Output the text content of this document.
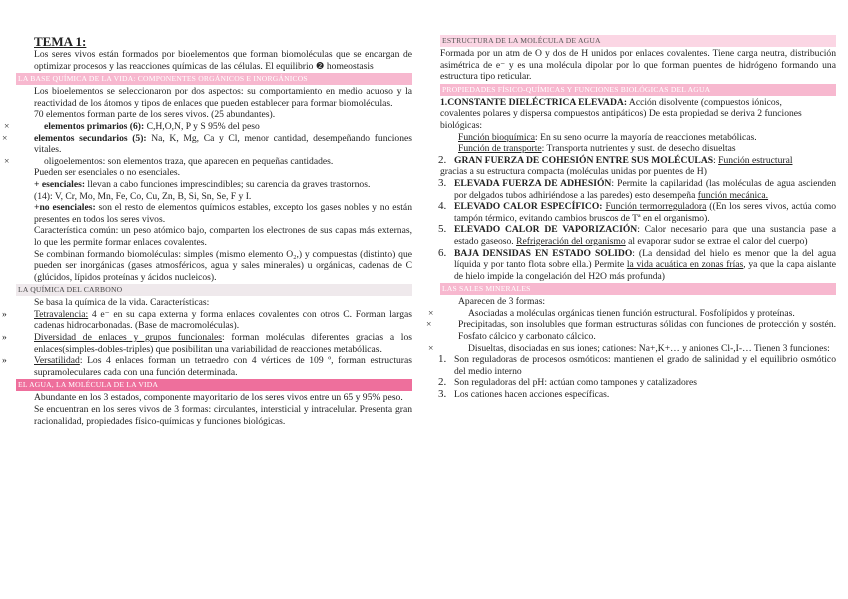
TEMA 1:

Los seres vivos están formados por bioelementos que forman biomoléculas que se encargan de optimizar procesos y las reacciones químicas de las células. El equilibrio ❷ homeostasis

LA BASE QUÍMICA DE LA VIDA: COMPONENTES ORGÁNICOS E INORGÁNICOS

Los bioelementos se seleccionaron por dos aspectos: su comportamiento en medio acuoso y la reactividad de los átomos y tipos de enlaces que pueden establecer para formar biomoléculas.

70 elementos forman parte de los seres vivos. (25 abundantes).

×	elementos primarios (6): C,H,O,N, P y S 95% del peso

×	elementos secundarios (5): Na, K, Mg, Ca y Cl, menor cantidad, desempeñando funciones vitales.

×	oligoelementos: son elementos traza, que aparecen en pequeñas cantidades.

Pueden ser esenciales o no esenciales.

+ esenciales: llevan a cabo funciones imprescindibles; su carencia da graves trastornos.

(14): V, Cr, Mo, Mn, Fe, Co, Cu, Zn, B, Si, Sn, Se, F y I.

+no esenciales: son el resto de elementos químicos estables, excepto los gases nobles y no están presentes en todos los seres vivos.

Característica común: un peso atómico bajo, comparten los electrones de sus capas más externas, lo que les permite formar enlaces covalentes.

Se combinan formando biomoléculas: simples (mismo elemento O₂,) y compuestas (distinto) que pueden ser inorgánicas (gases atmosféricos, agua y sales minerales) u orgánicas, cadenas de C (glúcidos, lípidos proteínas y ácidos nucleicos).

LA QUÍMICA DEL CARBONO

Se basa la química de la vida. Características:

»	Tetravalencia: 4 e⁻ en su capa externa y forma enlaces covalentes con otros C. Forman largas cadenas hidrocarbonadas. (Base de macromoléculas).

»	Diversidad de enlaces y grupos funcionales: forman moléculas diferentes gracias a los enlaces(simples-dobles-triples) que posibilitan una variabilidad de reacciones metabólicas.

»	Versatilidad: Los 4 enlaces forman un tetraedro con 4 vértices de 109 º, forman estructuras supramoleculares cada con una función determinada.

EL AGUA, LA MOLÉCULA DE LA VIDA

Abundante en los 3 estados, componente mayoritario de los seres vivos entre un 65 y 95% peso.

Se encuentran en los seres vivos de 3 formas: circulantes, intersticial y intracelular. Presenta gran racionalidad, propiedades físico-químicas y funciones biológicas.

ESTRUCTURA DE LA MOLÉCULA DE AGUA

Formada por un atm de O y dos de H unidos por enlaces covalentes. Tiene carga neutra, distribución asimétrica de e⁻ y es una molécula dipolar por lo que forman puentes de hidrógeno formando una estructura tipo reticular.

PROPIEDADES FÍSICO-QUÍMICAS Y FUNCIONES BIOLÓGICAS DEL AGUA

1.CONSTANTE DIELÉCTRICA ELEVADA: Acción disolvente (compuestos iónicos,

covalentes polares y dispersa compuestos antipáticos) De esta propiedad se deriva 2 funciones biológicas:

Función bioquímica: En su seno ocurre la mayoría de reacciones metabólicas.

Función de transporte: Transporta nutrientes y sust. de desecho disueltas

2. GRAN FUERZA DE COHESIÓN ENTRE SUS MOLÉCULAS: Función estructural

gracias a su estructura compacta (moléculas unidas por puentes de H)

3. ELEVADA FUERZA DE ADHESIÓN: Permite la capilaridad (las moléculas de agua ascienden por delgados tubos adhiriéndose a las paredes) esto desempeña función mecánica.

4. ELEVADO CALOR ESPECÍFICO: Función termorreguladora ((En los seres vivos, actúa como tampón térmico, evitando cambios bruscos de Tª en el organismo).

5. ELEVADO CALOR DE VAPORIZACIÓN: Calor necesario para que una sustancia pase a estado gaseoso. Refrigeración del organismo al evaporar sudor se extrae el calor del cuerpo)

6. BAJA DENSIDAS EN ESTADO SOLIDO: (La densidad del hielo es menor que la del agua líquida y por tanto flota sobre ella.) Permite la vida acuática en zonas frías, ya que la capa aislante de hielo impide la congelación del H2O más profunda)

LAS SALES MINERALES

Aparecen de 3 formas:

×	Asociadas a moléculas orgánicas tienen función estructural. Fosfolípidos y proteínas.

×	Precipitadas, son insolubles que forman estructuras sólidas con funciones de protección y sostén. Fosfato cálcico y carbonato cálcico.

×	Disueltas, disociadas en sus iones; cationes: Na+,K+… y aniones Cl-,I-… Tienen 3 funciones:

1. Son reguladoras de procesos osmóticos: mantienen el grado de salinidad y el equilibrio osmótico del medio interno

2. Son reguladoras del pH: actúan como tampones y catalizadores

3. Los cationes hacen acciones específicas.
